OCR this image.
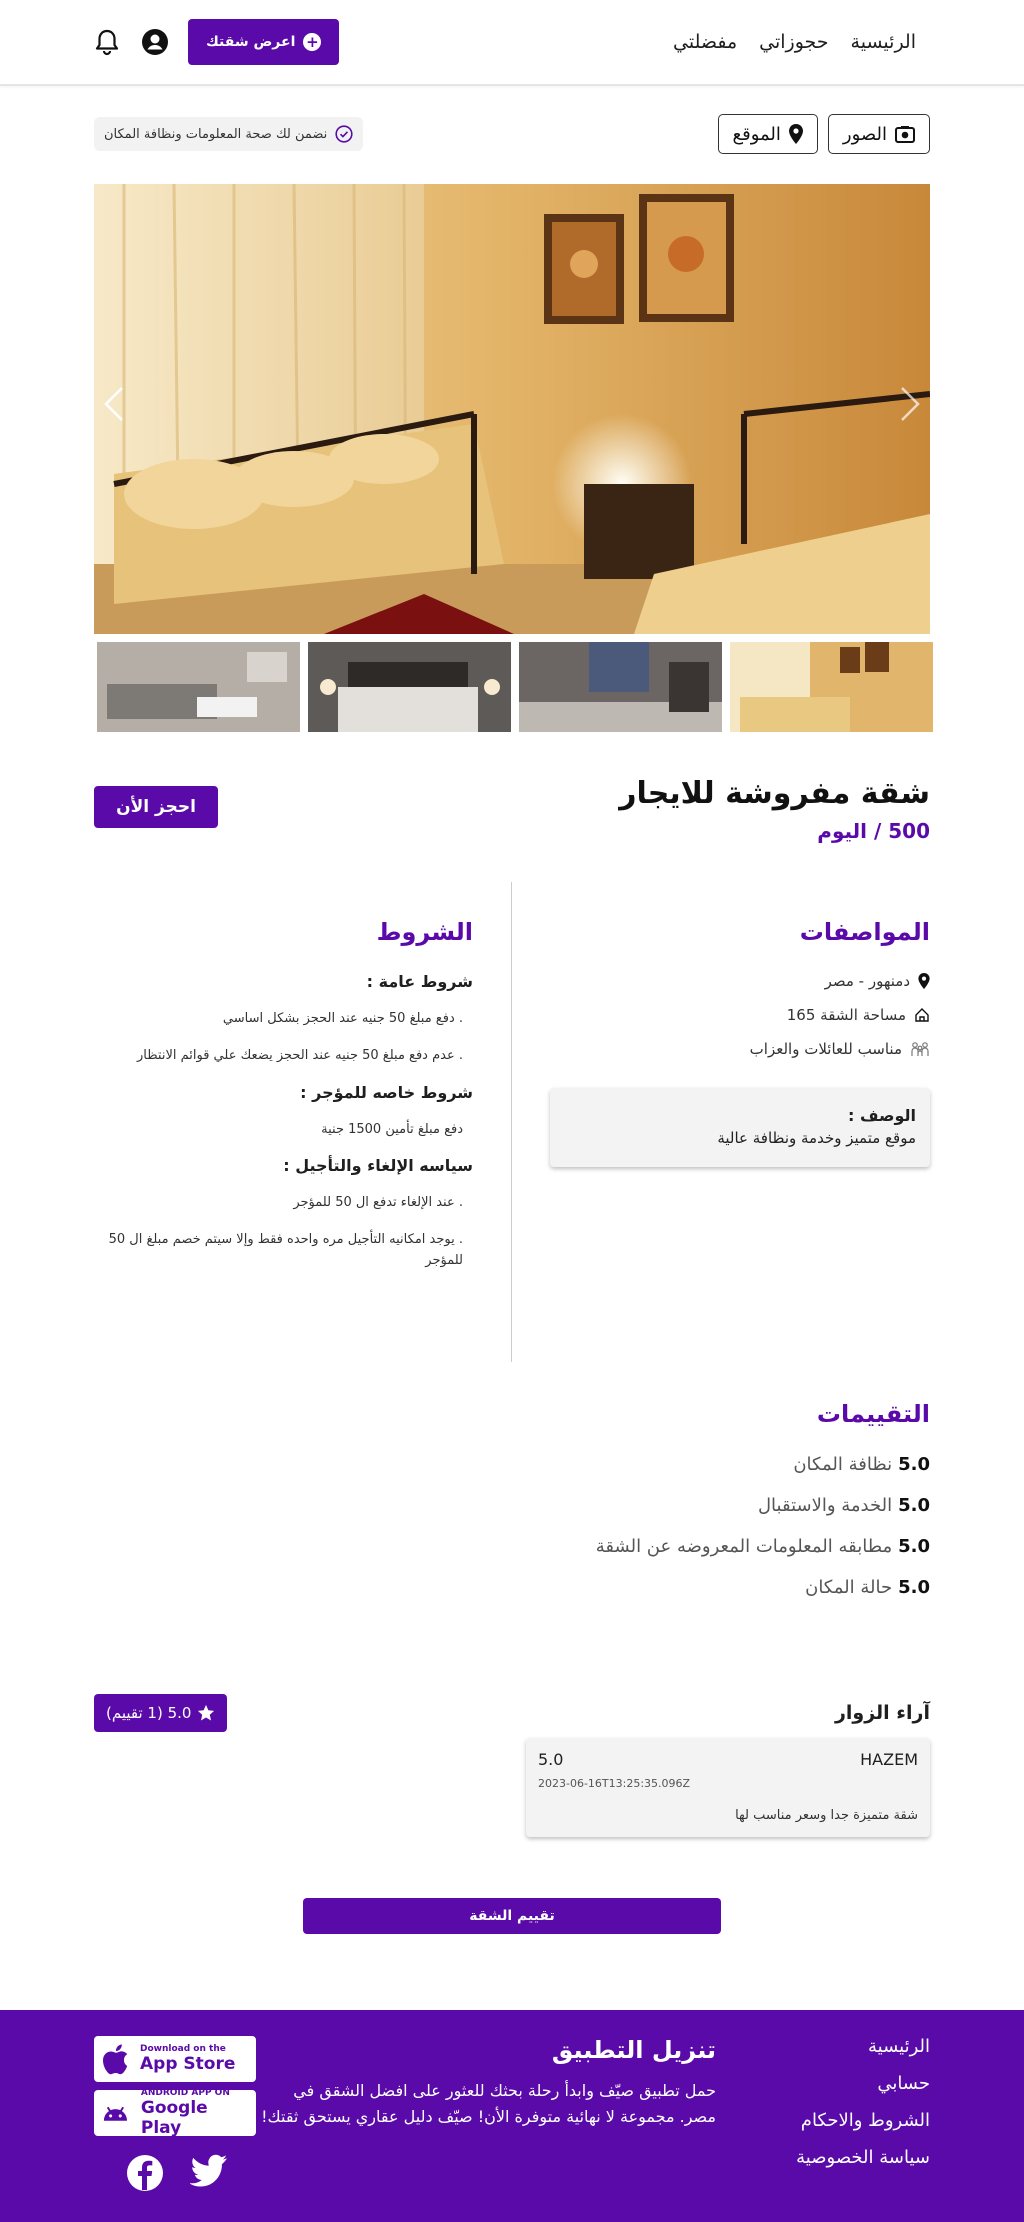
الرئيسية
حجوزاتي
مفضلتي
+
اعرض شقتك
الصور
الموقع
نضمن لك صحة المعلومات ونظافة المكان
شقة مفروشة للايجار
500 / اليوم
احجز الأن
المواصفات
دمنهور - مصر
مساحة الشقة 165
مناسب للعائلات والعزاب
الوصف :
موقع متميز وخدمة ونظافة عالية
الشروط
شروط عامة :
. دفع مبلغ 50 جنيه عند الحجز بشكل اساسي
. عدم دفع مبلغ 50 جنيه عند الحجز يضعك علي قوائم الانتظار
شروط خاصه للمؤجر :
دفع مبلغ تأمين 1500 جنية
سياسه الإلغاء والتأجيل :
. عند الإلغاء تدفع ال 50 للمؤجر
. يوجد امكانيه التأجيل مره واحده فقط وإلا سيتم خصم مبلغ ال 50 للمؤجر
التقييمات
5.0
نظافة المكان
5.0
الخدمة والاستقبال
5.0
مطابقه المعلومات المعروضه عن الشقة
5.0
حالة المكان
آراء الزوار
5.0 (1 تقييم)
HAZEM
5.0
2023-06-16T13:25:35.096Z
شقة متميزة جدا وسعر مناسب لها
تقييم الشقة
الرئيسية
حسابي
الشروط والاحكام
سياسة الخصوصية
تنزيل التطبيق
حمل تطبيق صيّف وابدأ رحلة بحثك للعثور على افضل الشقق في مصر. مجموعة لا نهائية متوفرة الأن! صيّف دليل عقاري يستحق ثقتك!
Download on the
App Store
ANDROID APP ON
Google Play
